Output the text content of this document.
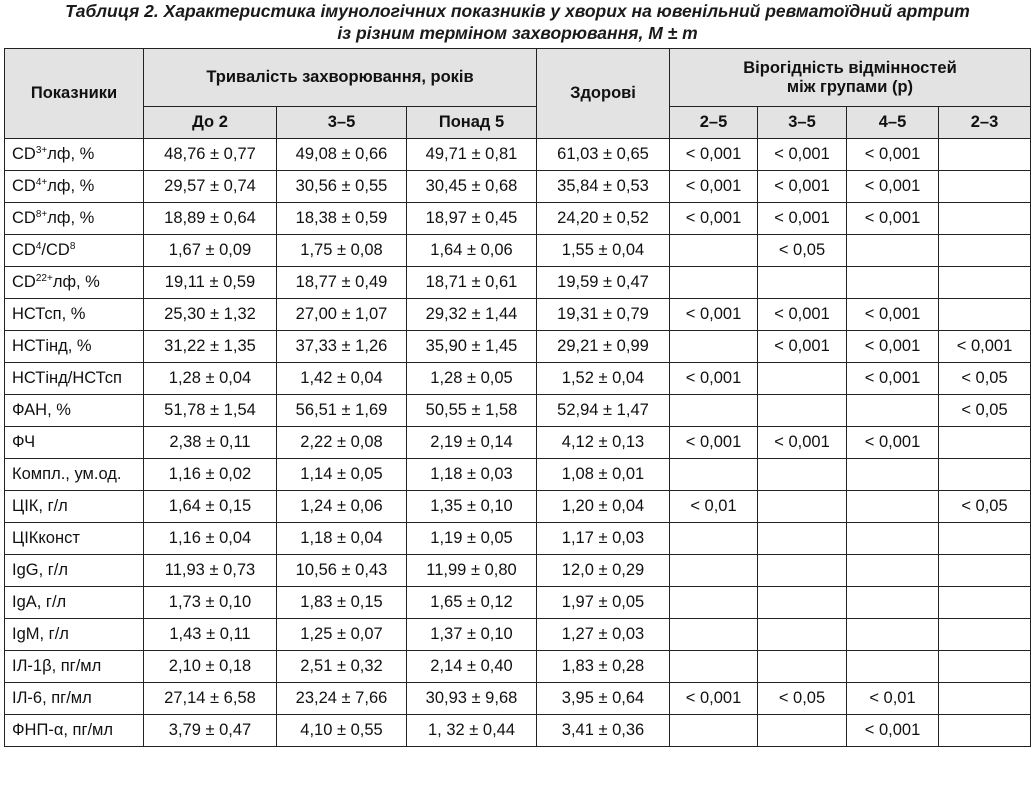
Таблиця 2. Характеристика імунологічних показників у хворих на ювенільний ревматоїдний артрит
із різним терміном захворювання, M ± m
Показники	Тривалість захворювання, років			Здорові	Вірогідність відмінностей
між групами (р)			

	До 2	3–5	Понад 5		2–5	3–5	4–5	2–3
$CD^{3+}лф$, %	48,76 ± 0,77	49,08 ± 0,66	49,71 ± 0,81	61,03 ± 0,65	< 0,001	< 0,001	< 0,001	
$CD^{4+}лф$, %	29,57 ± 0,74	30,56 ± 0,55	30,45 ± 0,68	35,84 ± 0,53	< 0,001	< 0,001	< 0,001	
$CD^{8+}лф$, %	18,89 ± 0,64	18,38 ± 0,59	18,97 ± 0,45	24,20 ± 0,52	< 0,001	< 0,001	< 0,001	
$CD^4/CD^8$	1,67 ± 0,09	1,75 ± 0,08	1,64 ± 0,06	1,55 ± 0,04		< 0,05		
$CD^{22+}лф$, %	19,11 ± 0,59	18,77 ± 0,49	18,71 ± 0,61	19,59 ± 0,47				
НСТсп, %	25,30 ± 1,32	27,00 ± 1,07	29,32 ± 1,44	19,31 ± 0,79	< 0,001	< 0,001	< 0,001	
НСТінд, %	31,22 ± 1,35	37,33 ± 1,26	35,90 ± 1,45	29,21 ± 0,99		< 0,001	< 0,001	< 0,001
НСТінд/НСТсп	1,28 ± 0,04	1,42 ± 0,04	1,28 ± 0,05	1,52 ± 0,04	< 0,001		< 0,001	< 0,05
ФАН, %	51,78 ± 1,54	56,51 ± 1,69	50,55 ± 1,58	52,94 ± 1,47				< 0,05
ФЧ	2,38 ± 0,11	2,22 ± 0,08	2,19 ± 0,14	4,12 ± 0,13	< 0,001	< 0,001	< 0,001	
Компл., ум.од.	1,16 ± 0,02	1,14 ± 0,05	1,18 ± 0,03	1,08 ± 0,01				
ЦІК, г/л	1,64 ± 0,15	1,24 ± 0,06	1,35 ± 0,10	1,20 ± 0,04	< 0,01			< 0,05
ЦІКконст	1,16 ± 0,04	1,18 ± 0,04	1,19 ± 0,05	1,17 ± 0,03				
IgG, г/л	11,93 ± 0,73	10,56 ± 0,43	11,99 ± 0,80	12,0 ± 0,29				
IgA, г/л	1,73 ± 0,10	1,83 ± 0,15	1,65 ± 0,12	1,97 ± 0,05				
IgM, г/л	1,43 ± 0,11	1,25 ± 0,07	1,37 ± 0,10	1,27 ± 0,03				
ІЛ-1β, пг/мл	2,10 ± 0,18	2,51 ± 0,32	2,14 ± 0,40	1,83 ± 0,28				
ІЛ-6, пг/мл	27,14 ± 6,58	23,24 ± 7,66	30,93 ± 9,68	3,95 ± 0,64	< 0,001	< 0,05	< 0,01	
ФНП-α, пг/мл	3,79 ± 0,47	4,10 ± 0,55	1, 32 ± 0,44	3,41 ± 0,36			< 0,001	
